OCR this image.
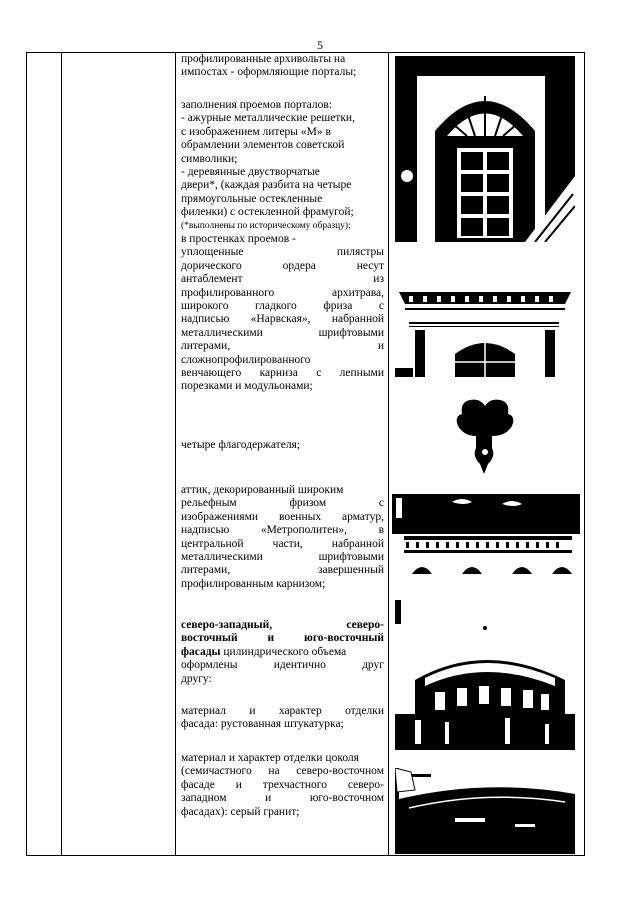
5

профилированные архивольты на

импостах - оформляющие порталы;

заполнения проемов порталов:

- ажурные металлические решетки,

с изображением литеры «М» в

обрамлении элементов советской

символики;

- деревянные двустворчатые

двери*, (каждая разбита на четыре

прямоугольные остекленные

филенки) с остекленной фрамугой;

(*выполнены по историческому образцу);

в простенках проемов -

уплощенные пилястры

дорического ордера несут

антаблемент из

профилированного архитрава,

широкого гладкого фриза с

надписью «Нарвская», набранной

металлическими шрифтовыми

литерами, и

сложнопрофилированного

венчающего карниза с лепными

порезками и модульонами;

четыре флагодержателя;

аттик, декорированный широким

рельефным фризом с

изображениями военных арматур,

надписью «Метрополитен», в

центральной части, набранной

металлическими шрифтовыми

литерами, завершенный

профилированным карнизом;

северо-западный, северо-

восточный и юго-восточный

фасады цилиндрического объема

оформлены идентично друг

другу:

материал и характер отделки

фасада: рустованная штукатурка;

материал и характер отделки цоколя

(семичастного на северо-восточном

фасаде и трехчастного северо-

западном и юго-восточном

фасадах): серый гранит;
